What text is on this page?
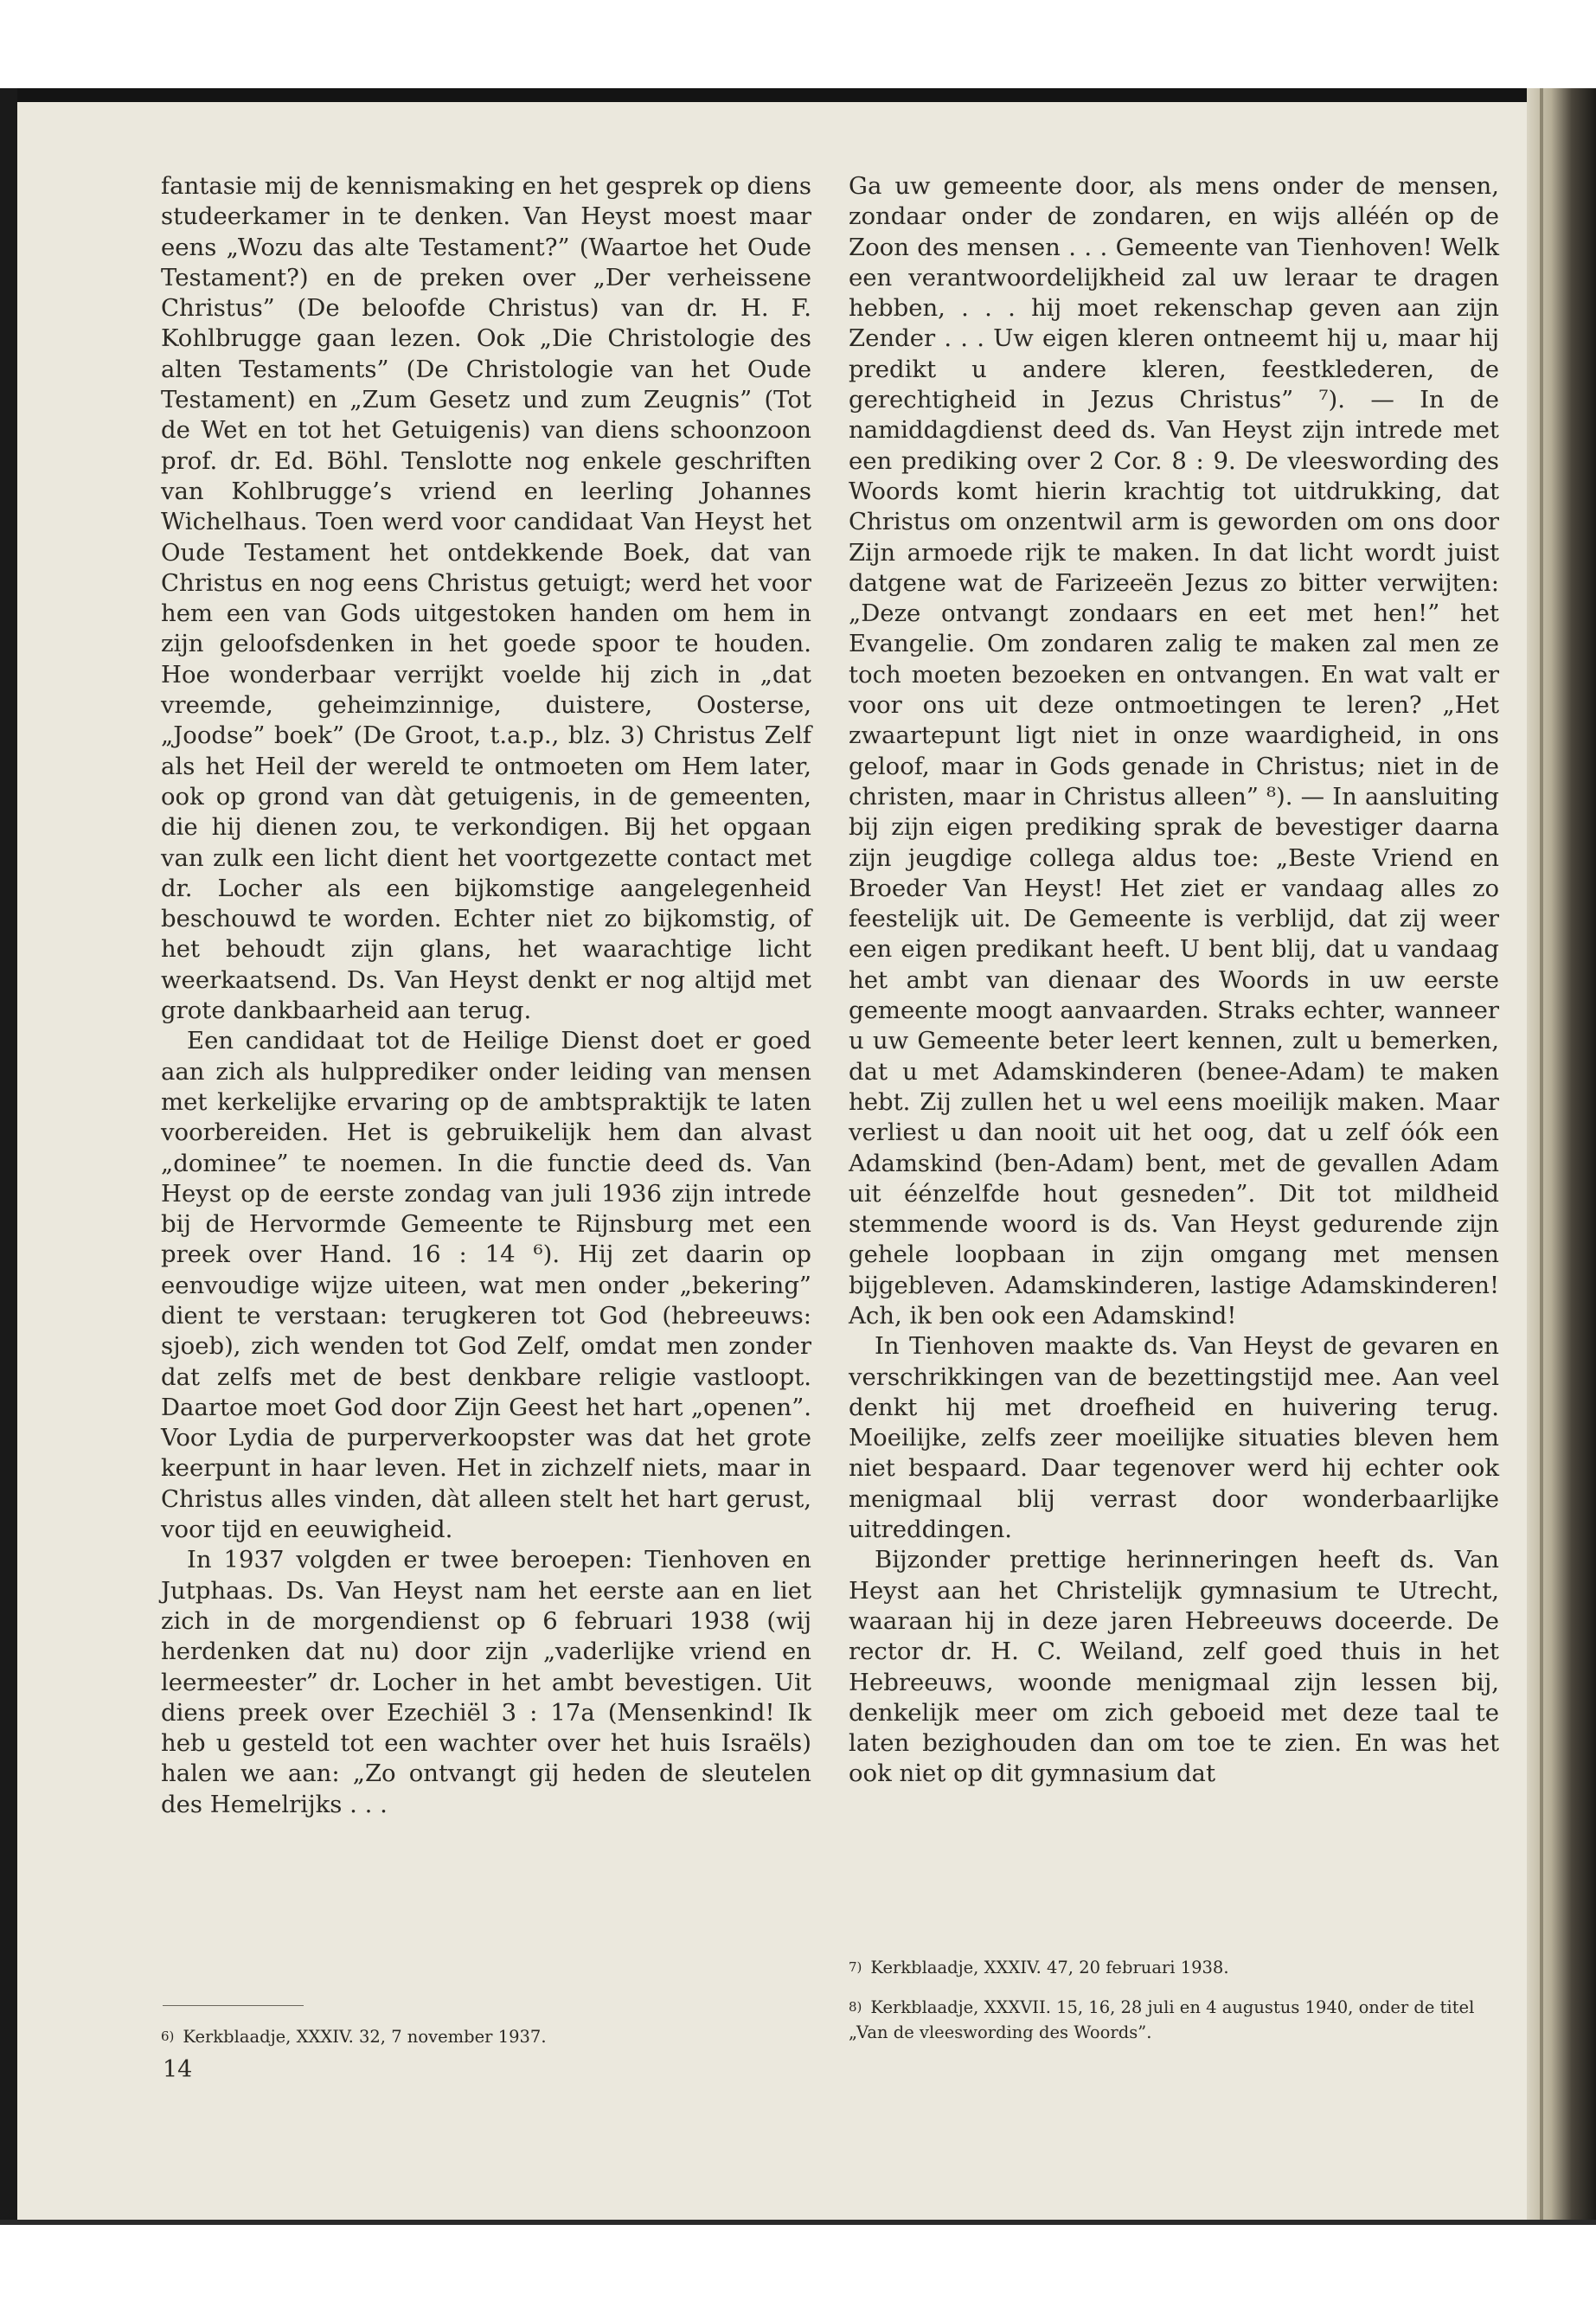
fantasie mij de kennismaking en het gesprek op diens studeerkamer in te denken. Van Heyst moest maar eens „Wozu das alte Testament?” (Waartoe het Oude Testament?) en de preken over „Der verheissene Christus” (De beloofde Christus) van dr. H. F. Kohlbrugge gaan lezen. Ook „Die Christologie des alten Testaments” (De Christologie van het Oude Testament) en „Zum Gesetz und zum Zeugnis” (Tot de Wet en tot het Getuigenis) van diens schoonzoon prof. dr. Ed. Böhl. Tenslotte nog enkele geschriften van Kohlbrugge’s vriend en leerling Johannes Wichelhaus. Toen werd voor candidaat Van Heyst het Oude Testament het ontdekkende Boek, dat van Christus en nog eens Christus getuigt; werd het voor hem een van Gods uitgestoken handen om hem in zijn geloofsdenken in het goede spoor te houden. Hoe wonderbaar verrijkt voelde hij zich in „dat vreemde, geheimzinnige, duistere, Oosterse, „Joodse” boek” (De Groot, t.a.p., blz. 3) Christus Zelf als het Heil der wereld te ontmoeten om Hem later, ook op grond van dàt getuigenis, in de gemeenten, die hij dienen zou, te verkondigen. Bij het opgaan van zulk een licht dient het voortgezette contact met dr. Locher als een bijkomstige aangelegenheid beschouwd te worden. Echter niet zo bijkomstig, of het behoudt zijn glans, het waarachtige licht weerkaatsend. Ds. Van Heyst denkt er nog altijd met grote dankbaarheid aan terug.

Een candidaat tot de Heilige Dienst doet er goed aan zich als hulpprediker onder leiding van mensen met kerkelijke ervaring op de ambtspraktijk te laten voorbereiden. Het is gebruikelijk hem dan alvast „dominee” te noemen. In die functie deed ds. Van Heyst op de eerste zondag van juli 1936 zijn intrede bij de Hervormde Gemeente te Rijnsburg met een preek over Hand. 16 : 14 ⁶). Hij zet daarin op eenvoudige wijze uiteen, wat men onder „bekering” dient te verstaan: terugkeren tot God (hebreeuws: sjoeb), zich wenden tot God Zelf, omdat men zonder dat zelfs met de best denkbare religie vastloopt. Daartoe moet God door Zijn Geest het hart „openen”. Voor Lydia de purperverkoopster was dat het grote keerpunt in haar leven. Het in zichzelf niets, maar in Christus alles vinden, dàt alleen stelt het hart gerust, voor tijd en eeuwigheid.

In 1937 volgden er twee beroepen: Tienhoven en Jutphaas. Ds. Van Heyst nam het eerste aan en liet zich in de morgendienst op 6 februari 1938 (wij herdenken dat nu) door zijn „vaderlijke vriend en leermeester” dr. Locher in het ambt bevestigen. Uit diens preek over Ezechiël 3 : 17a (Mensenkind! Ik heb u gesteld tot een wachter over het huis Israëls) halen we aan: „Zo ontvangt gij heden de sleutelen des Hemelrijks . . .

Ga uw gemeente door, als mens onder de mensen, zondaar onder de zondaren, en wijs alléén op de Zoon des mensen . . . Gemeente van Tienhoven! Welk een verantwoordelijkheid zal uw leraar te dragen hebben, . . . hij moet rekenschap geven aan zijn Zender . . . Uw eigen kleren ontneemt hij u, maar hij predikt u andere kleren, feestklederen, de gerechtigheid in Jezus Christus” ⁷). — In de namiddagdienst deed ds. Van Heyst zijn intrede met een prediking over 2 Cor. 8 : 9. De vleeswording des Woords komt hierin krachtig tot uitdrukking, dat Christus om onzentwil arm is geworden om ons door Zijn armoede rijk te maken. In dat licht wordt juist datgene wat de Farizeeën Jezus zo bitter verwijten: „Deze ontvangt zondaars en eet met hen!” het Evangelie. Om zondaren zalig te maken zal men ze toch moeten bezoeken en ontvangen. En wat valt er voor ons uit deze ontmoetingen te leren? „Het zwaartepunt ligt niet in onze waardigheid, in ons geloof, maar in Gods genade in Christus; niet in de christen, maar in Christus alleen” ⁸). — In aansluiting bij zijn eigen prediking sprak de bevestiger daarna zijn jeugdige collega aldus toe: „Beste Vriend en Broeder Van Heyst! Het ziet er vandaag alles zo feestelijk uit. De Gemeente is verblijd, dat zij weer een eigen predikant heeft. U bent blij, dat u vandaag het ambt van dienaar des Woords in uw eerste gemeente moogt aanvaarden. Straks echter, wanneer u uw Gemeente beter leert kennen, zult u bemerken, dat u met Adamskinderen (benee-Adam) te maken hebt. Zij zullen het u wel eens moeilijk maken. Maar verliest u dan nooit uit het oog, dat u zelf óók een Adamskind (ben-Adam) bent, met de gevallen Adam uit éénzelfde hout gesneden”. Dit tot mildheid stemmende woord is ds. Van Heyst gedurende zijn gehele loopbaan in zijn omgang met mensen bijgebleven. Adamskinderen, lastige Adamskinderen! Ach, ik ben ook een Adamskind!

In Tienhoven maakte ds. Van Heyst de gevaren en verschrikkingen van de bezettingstijd mee. Aan veel denkt hij met droefheid en huivering terug. Moeilijke, zelfs zeer moeilijke situaties bleven hem niet bespaard. Daar tegenover werd hij echter ook menigmaal blij verrast door wonderbaarlijke uitreddingen.

Bijzonder prettige herinneringen heeft ds. Van Heyst aan het Christelijk gymnasium te Utrecht, waaraan hij in deze jaren Hebreeuws doceerde. De rector dr. H. C. Weiland, zelf goed thuis in het Hebreeuws, woonde menigmaal zijn lessen bij, denkelijk meer om zich geboeid met deze taal te laten bezighouden dan om toe te zien. En was het ook niet op dit gymnasium dat

6) Kerkblaadje, XXXIV. 32, 7 november 1937.
7) Kerkblaadje, XXXIV. 47, 20 februari 1938.
8) Kerkblaadje, XXXVII. 15, 16, 28 juli en 4 augustus 1940, onder de titel „Van de vleeswording des Woords”.
14
